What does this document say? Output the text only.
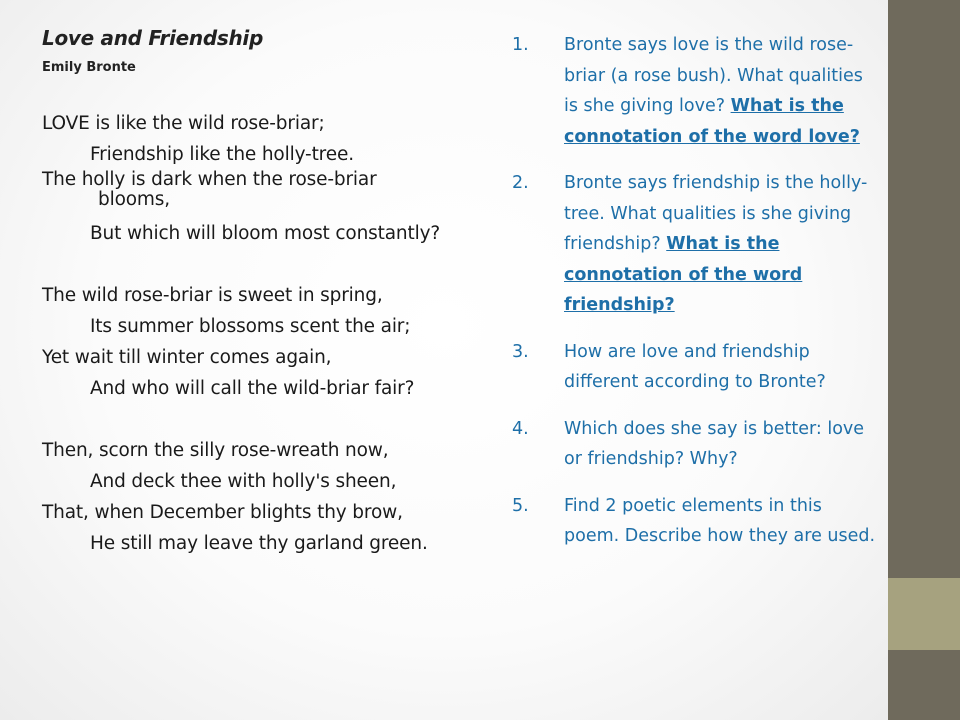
Love and Friendship
Emily Bronte
LOVE is like the wild rose-briar;
Friendship like the holly-tree.
The holly is dark when the rose-briar
blooms,
But which will bloom most constantly?
The wild rose-briar is sweet in spring,
Its summer blossoms scent the air;
Yet wait till winter comes again,
And who will call the wild-briar fair?
Then, scorn the silly rose-wreath now,
And deck thee with holly's sheen,
That, when December blights thy brow,
He still may leave thy garland green.
1. Bronte says love is the wild rose-briar (a rose bush). What qualities is she giving love? What is the connotation of the word love?
2. Bronte says friendship is the holly-tree. What qualities is she giving friendship? What is the connotation of the word friendship?
3. How are love and friendship different according to Bronte?
4. Which does she say is better: love or friendship? Why?
5. Find 2 poetic elements in this poem. Describe how they are used.
